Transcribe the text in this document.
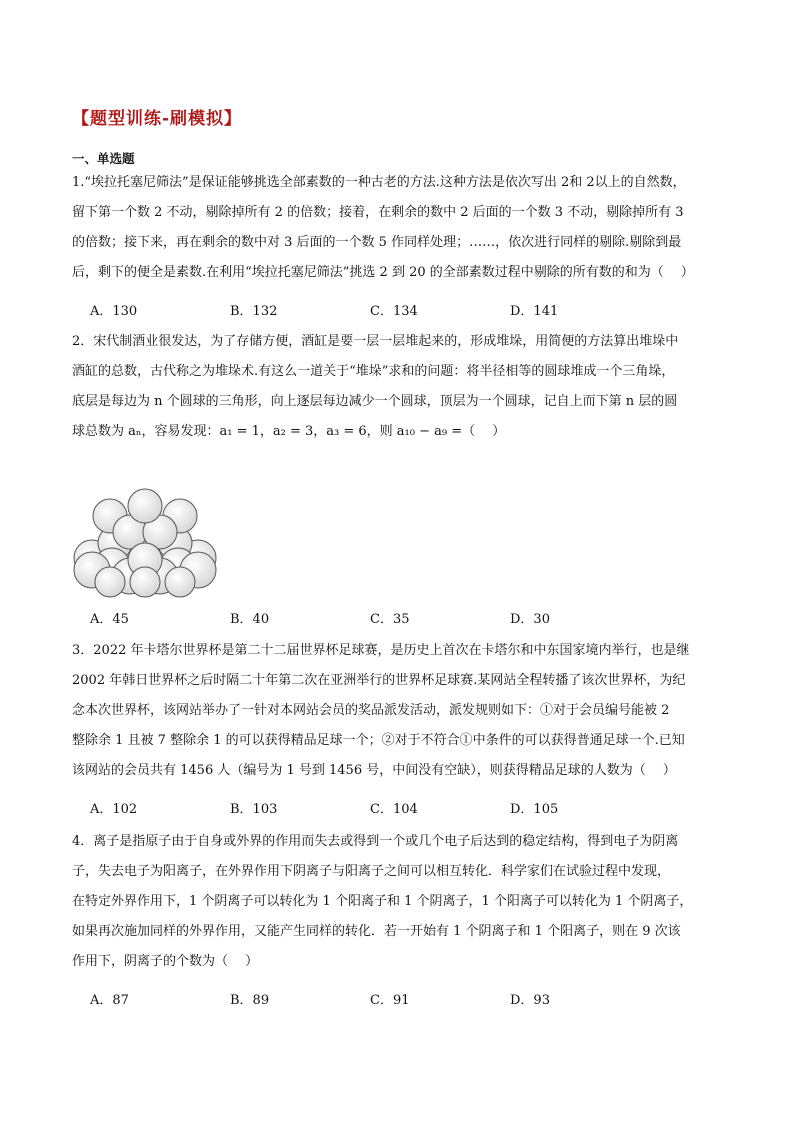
【题型训练-刷模拟】
一、单选题
1.“埃拉托塞尼筛法”是保证能够挑选全部素数的一种古老的方法.这种方法是依次写出 2和 2以上的自然数，
留下第一个数 2 不动，剔除掉所有 2 的倍数；接着，在剩余的数中 2 后面的一个数 3 不动，剔除掉所有 3
的倍数；接下来，再在剩余的数中对 3 后面的一个数 5 作同样处理；……，依次进行同样的剔除.剔除到最
后，剩下的便全是素数.在利用“埃拉托塞尼筛法”挑选 2 到 20 的全部素数过程中剔除的所有数的和为（　 ）
A．130	B．132	C．134	D．141
2．宋代制酒业很发达，为了存储方便，酒缸是要一层一层堆起来的，形成堆垛，用简便的方法算出堆垛中
酒缸的总数，古代称之为堆垛术.有这么一道关于“堆垛”求和的问题：将半径相等的圆球堆成一个三角垛，
底层是每边为 n 个圆球的三角形，向上逐层每边减少一个圆球，顶层为一个圆球，记自上而下第 n 层的圆
球总数为 aₙ，容易发现：a₁ = 1，a₂ = 3，a₃ = 6，则 a₁₀ − a₉ =（　 ）
A．45	B．40	C．35	D．30
3．2022 年卡塔尔世界杯是第二十二届世界杯足球赛，是历史上首次在卡塔尔和中东国家境内举行，也是继
2002 年韩日世界杯之后时隔二十年第二次在亚洲举行的世界杯足球赛.某网站全程转播了该次世界杯，为纪
念本次世界杯，该网站举办了一针对本网站会员的奖品派发活动，派发规则如下：①对于会员编号能被 2
整除余 1 且被 7 整除余 1 的可以获得精品足球一个；②对于不符合①中条件的可以获得普通足球一个.已知
该网站的会员共有 1456 人（编号为 1 号到 1456 号，中间没有空缺），则获得精品足球的人数为（　 ）
A．102	B．103	C．104	D．105
4．离子是指原子由于自身或外界的作用而失去或得到一个或几个电子后达到的稳定结构，得到电子为阴离
子，失去电子为阳离子，在外界作用下阴离子与阳离子之间可以相互转化．科学家们在试验过程中发现，
在特定外界作用下，1 个阴离子可以转化为 1 个阳离子和 1 个阴离子，1 个阳离子可以转化为 1 个阴离子，
如果再次施加同样的外界作用，又能产生同样的转化．若一开始有 1 个阴离子和 1 个阳离子，则在 9 次该
作用下，阴离子的个数为（　 ）
A．87	B．89	C．91	D．93
